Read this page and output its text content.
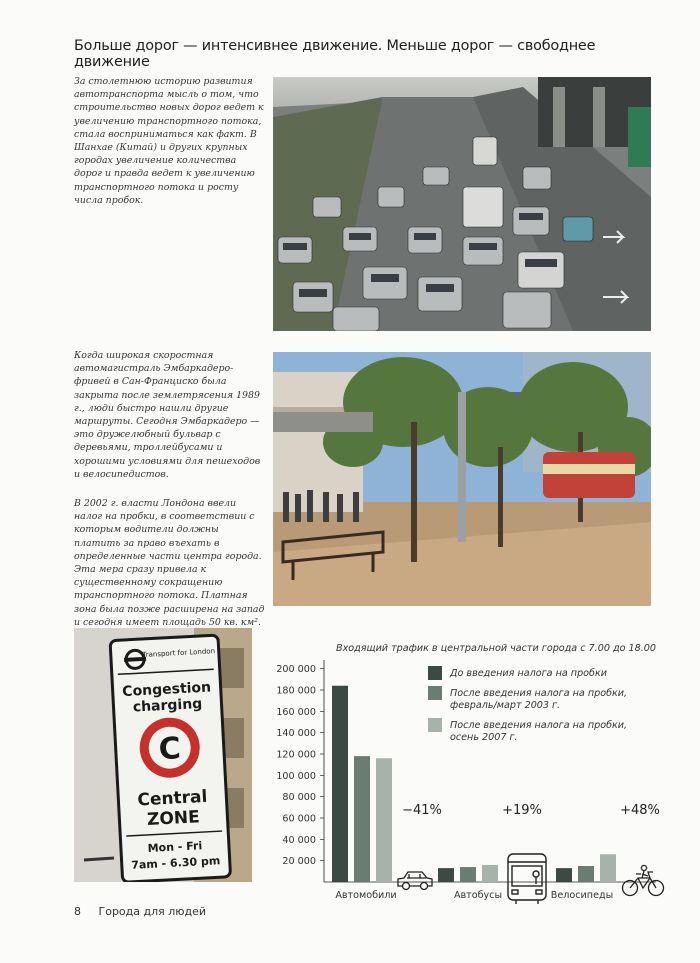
Больше дорог — интенсивнее движение. Меньше дорог — свободнее движение
За столетнюю историю развития автотранспорта мысль о том, что строительство новых дорог ведет к увеличению транспортного потока, стала восприниматься как факт. В Шанхае (Китай) и других крупных городах увеличение количества дорог и правда ведет к увеличению транспортного потока и росту числа пробок.
Когда широкая скоростная автомагистраль Эмбаркадеро-фривей в Сан-Франциско была закрыта после землетрясения 1989 г., люди быстро нашли другие маршруты. Сегодня Эмбаркадеро — это дружелюбный бульвар с деревьями, троллейбусами и хорошими условиями для пешеходов и велосипедистов.
В 2002 г. власти Лондона ввели налог на пробки, в соответствии с которым водители должны платить за право въехать в определенные части центра города. Эта мера сразу привела к существенному сокращению транспортного потока. Платная зона была позже расширена на запад и сегодня имеет площадь 50 кв. км².
Transport for London
Congestion
charging
C
Central
ZONE
Mon - Fri
7am - 6.30 pm
Входящий трафик в центральной части города с 7.00 до 18.00
20 000
40 000
60 000
80 000
100 000
120 000
140 000
160 000
180 000
200 000	До введения налога на пробки
После введения налога на пробки, февраль/март 2003 г.
После введения налога на пробки, осень 2007 г.
Автомобили	Автобусы	Велосипеды
−41%	+19%	+48%
8 Города для людей
